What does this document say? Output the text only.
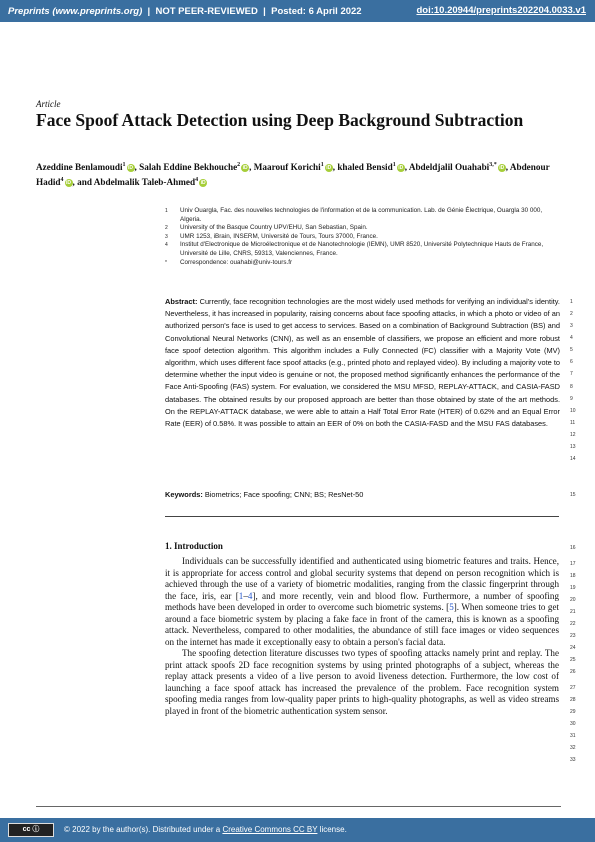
Preprints (www.preprints.org) | NOT PEER-REVIEWED | Posted: 6 April 2022	doi:10.20944/preprints202204.0033.v1
Article
Face Spoof Attack Detection using Deep Background Subtraction
Azeddine Benlamoudi$^1$iD , Salah Eddine Bekhouche$^2$iD , Maarouf Korichi$^1$iD , khaled Bensid$^1$iD , Abdeldjalil Ouahabi$^{3,*}$iD , Abdenour Hadid$^4$iD , and Abdelmalik Taleb-Ahmed$^4$iD
1	Univ Ouargla, Fac. des nouvelles technologies de l'information et de la communication. Lab. de Génie Électrique, Ouargla 30 000, Algeria.
2	University of the Basque Country UPV/EHU, San Sebastian, Spain.
3	UMR 1253, iBrain, INSERM, Université de Tours, Tours 37000, France.
4	Institut d'Electronique de Microélectronique et de Nanotechnologie (IEMN), UMR 8520, Université Polytechnique Hauts de France, Université de Lille, CNRS, 59313, Valenciennes, France.
*	Correspondence: ouahabi@univ-tours.fr
Abstract: Currently, face recognition technologies are the most widely used methods for verifying an individual's identity. Nevertheless, it has increased in popularity, raising concerns about face spoofing attacks, in which a photo or video of an authorized person's face is used to get access to services. Based on a combination of Background Subtraction (BS) and Convolutional Neural Networks (CNN), as well as an ensemble of classifiers, we propose an efficient and more robust face spoof detection algorithm. This algorithm includes a Fully Connected (FC) classifier with a Majority Vote (MV) algorithm, which uses different face spoof attacks (e.g., printed photo and replayed video). By including a majority vote to determine whether the input video is genuine or not, the proposed method significantly enhances the performance of the Face Anti-Spoofing (FAS) system. For evaluation, we considered the MSU MFSD, REPLAY-ATTACK, and CASIA-FASD databases. The obtained results by our proposed approach are better than those obtained by state of the art methods. On the REPLAY-ATTACK database, we were able to attain a Half Total Error Rate (HTER) of 0.62% and an Equal Error Rate (EER) of 0.58%. It was possible to attain an EER of 0% on both the CASIA-FASD and the MSU FAS databases.
Keywords: Biometrics; Face spoofing; CNN; BS; ResNet-50
1. Introduction

Individuals can be successfully identified and authenticated using biometric features and traits. Hence, it is appropriate for access control and global security systems that depend on person recognition which is achieved through the use of a variety of biometric modalities, ranging from the classic fingerprint through the face, iris, ear [1–4], and more recently, vein and blood flow. Furthermore, a number of spoofing methods have been developed in order to overcome such biometric systems. [5]. When someone tries to get around a face biometric system by placing a fake face in front of the camera, this is known as a spoofing attack. Nevertheless, compared to other modalities, the abundance of still face images or video sequences on the internet has made it exceptionally easy to obtain a person's facial data.

The spoofing detection literature discusses two types of spoofing attacks namely print and replay. The print attack spoofs 2D face recognition systems by using printed photographs of a subject, whereas the replay attack presents a video of a live person to avoid liveness detection. Furthermore, the low cost of launching a face spoof attack has increased the prevalence of the problem. Face recognition system spoofing media ranges from low-quality paper prints to high-quality photographs, as well as video streams played in front of the biometric authentication system sensor.

1
2
3
4
5
6
7
8
9
10
11
12
13
14
15
16
17
18
19
20
21
22
23
24
25
26
27
28
29
30
31
32
33
cc ⓘ	© 2022 by the author(s). Distributed under a Creative Commons CC BY license.
